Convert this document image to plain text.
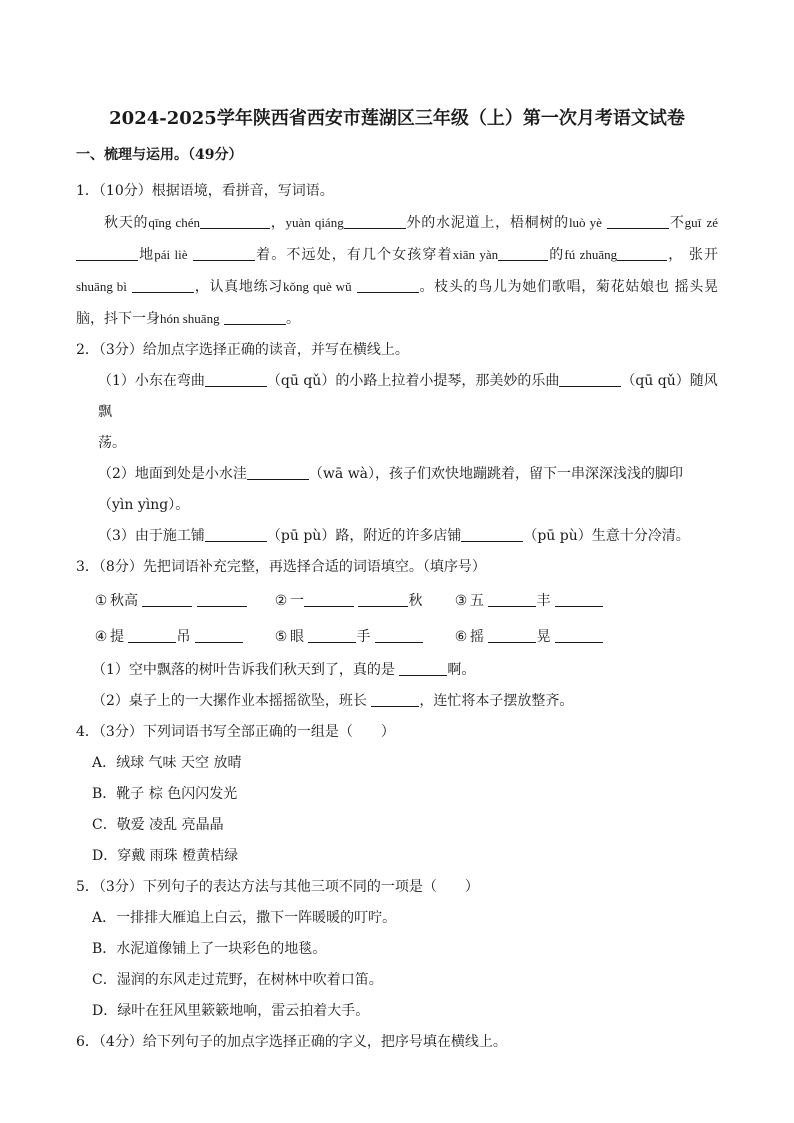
2024-2025学年陕西省西安市莲湖区三年级（上）第一次月考语文试卷
一、梳理与运用。（49分）

1．（10分）根据语境，看拼音，写词语。

秋天的qīng chén	，yuàn qiáng	外的水泥道上，梧桐树的luò yè	不guī zé 地pái liè	着。不远处，有几个女孩穿着xiān yàn	的fú zhuāng	， 张开shuāng bì	，认真地练习kǒng què wǔ	。枝头的鸟儿为她们歌唱，菊花姑娘也 摇头晃脑，抖下一身hón shuāng	。

2．（3分）给加点字选择正确的读音，并写在横线上。

（1）小东在弯曲	（qū qǔ）的小路上拉着小提琴，那美妙的乐曲	（qū qǔ）随风飘
荡。

（2）地面到处是小水洼	（wā wà），孩子们欢快地蹦跳着，留下一串深深浅浅的脚印
（yìn yìng）。

（3）由于施工铺	（pū pù）路，附近的许多店铺	（pū pù）生意十分冷清。

3．（8分）先把词语补充完整，再选择合适的词语填空。（填序号）

① 秋高	② 一	秋	③ 五	丰
④ 提	吊	⑤ 眼	手	⑥ 摇	晃

（1）空中飘落的树叶告诉我们秋天到了，真的是	啊。

（2）桌子上的一大摞作业本摇摇欲坠，班长	，连忙将本子摆放整齐。

4．（3分）下列词语书写全部正确的一组是（　　）

A．绒球 气味 天空 放晴

B．靴子 棕 色闪闪发光

C．敬爱 凌乱 亮晶晶

D．穿戴 雨珠 橙黄桔绿

5．（3分）下列句子的表达方法与其他三项不同的一项是（　　）

A．一排排大雁追上白云，撒下一阵暖暖的叮咛。

B．水泥道像铺上了一块彩色的地毯。

C．湿润的东风走过荒野，在树林中吹着口笛。

D．绿叶在狂风里簌簌地响，雷云拍着大手。

6．（4分）给下列句子的加点字选择正确的字义，把序号填在横线上。
